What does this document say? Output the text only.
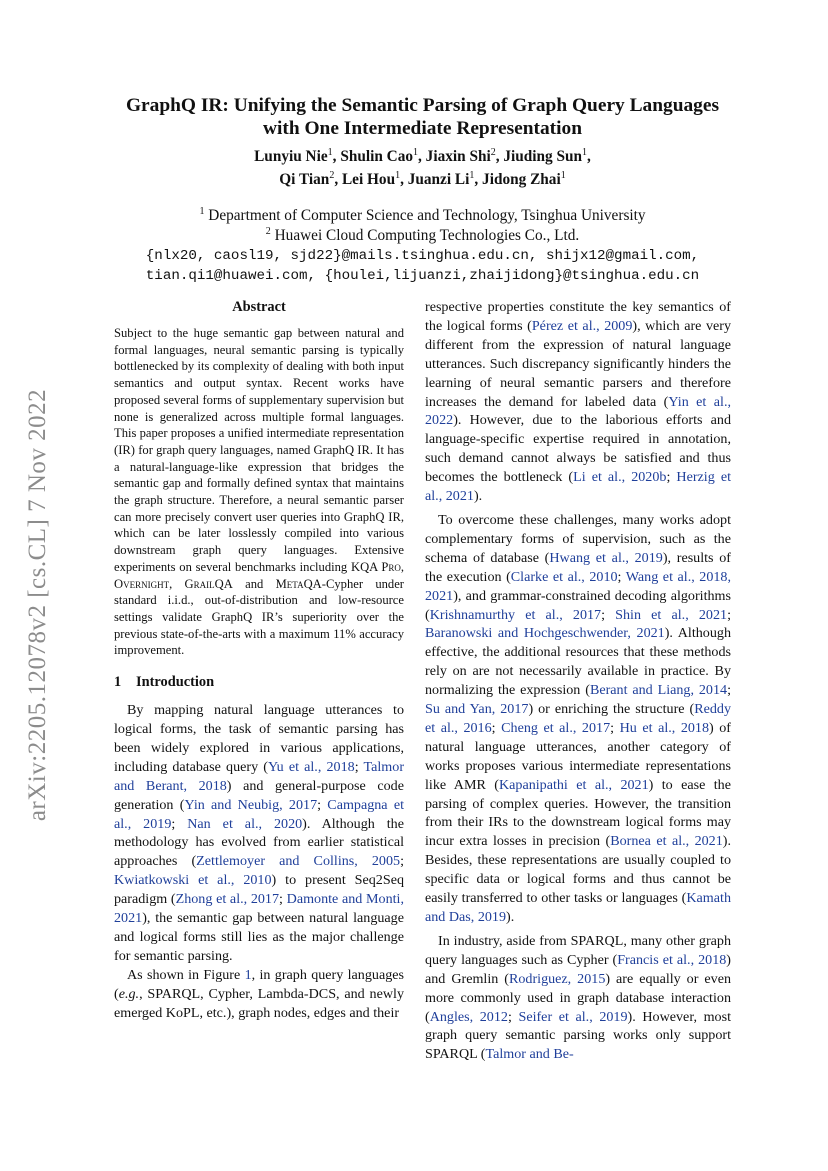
arXiv:2205.12078v2 [cs.CL] 7 Nov 2022
GraphQ IR: Unifying the Semantic Parsing of Graph Query Languages
with One Intermediate Representation
Lunyiu Nie$^1$, Shulin Cao$^1$, Jiaxin Shi$^2$, Jiuding Sun$^1$,
Qi Tian$^2$, Lei Hou$^1$, Juanzi Li$^1$, Jidong Zhai$^1$
$^1$ Department of Computer Science and Technology, Tsinghua University
$^2$ Huawei Cloud Computing Technologies Co., Ltd.
{nlx20, caosl19, sjd22}@mails.tsinghua.edu.cn, shijx12@gmail.com,
tian.qi1@huawei.com, {houlei,lijuanzi,zhaijidong}@tsinghua.edu.cn
Abstract

Subject to the huge semantic gap between natural and formal languages, neural semantic parsing is typically bottlenecked by its complexity of dealing with both input semantics and output syntax. Recent works have proposed several forms of supplementary supervision but none is generalized across multiple formal languages. This paper proposes a unified intermediate representation (IR) for graph query languages, named GraphQ IR. It has a natural-language-like expression that bridges the semantic gap and formally defined syntax that maintains the graph structure. Therefore, a neural semantic parser can more precisely convert user queries into GraphQ IR, which can be later losslessly compiled into various downstream graph query languages. Extensive experiments on several benchmarks including KQA Pro, Overnight, GrailQA and MetaQA-Cypher under standard i.i.d., out-of-distribution and low-resource settings validate GraphQ IR’s superiority over the previous state-of-the-arts with a maximum 11% accuracy improvement.

1 Introduction

By mapping natural language utterances to logical forms, the task of semantic parsing has been widely explored in various applications, including database query (Yu et al., 2018; Talmor and Berant, 2018) and general-purpose code generation (Yin and Neubig, 2017; Campagna et al., 2019; Nan et al., 2020). Although the methodology has evolved from earlier statistical approaches (Zettlemoyer and Collins, 2005; Kwiatkowski et al., 2010) to present Seq2Seq paradigm (Zhong et al., 2017; Damonte and Monti, 2021), the semantic gap between natural language and logical forms still lies as the major challenge for semantic parsing.

As shown in Figure 1, in graph query languages (e.g., SPARQL, Cypher, Lambda-DCS, and newly emerged KoPL, etc.), graph nodes, edges and their

respective properties constitute the key semantics of the logical forms (Pérez et al., 2009), which are very different from the expression of natural language utterances. Such discrepancy significantly hinders the learning of neural semantic parsers and therefore increases the demand for labeled data (Yin et al., 2022). However, due to the laborious efforts and language-specific expertise required in annotation, such demand cannot always be satisfied and thus becomes the bottleneck (Li et al., 2020b; Herzig et al., 2021).

To overcome these challenges, many works adopt complementary forms of supervision, such as the schema of database (Hwang et al., 2019), results of the execution (Clarke et al., 2010; Wang et al., 2018, 2021), and grammar-constrained decoding algorithms (Krishnamurthy et al., 2017; Shin et al., 2021; Baranowski and Hochgeschwender, 2021). Although effective, the additional resources that these methods rely on are not necessarily available in practice. By normalizing the expression (Berant and Liang, 2014; Su and Yan, 2017) or enriching the structure (Reddy et al., 2016; Cheng et al., 2017; Hu et al., 2018) of natural language utterances, another category of works proposes various intermediate representations like AMR (Kapanipathi et al., 2021) to ease the parsing of complex queries. However, the transition from their IRs to the downstream logical forms may incur extra losses in precision (Bornea et al., 2021). Besides, these representations are usually coupled to specific data or logical forms and thus cannot be easily transferred to other tasks or languages (Kamath and Das, 2019).

In industry, aside from SPARQL, many other graph query languages such as Cypher (Francis et al., 2018) and Gremlin (Rodriguez, 2015) are equally or even more commonly used in graph database interaction (Angles, 2012; Seifer et al., 2019). However, most graph query semantic parsing works only support SPARQL (Talmor and Be-
